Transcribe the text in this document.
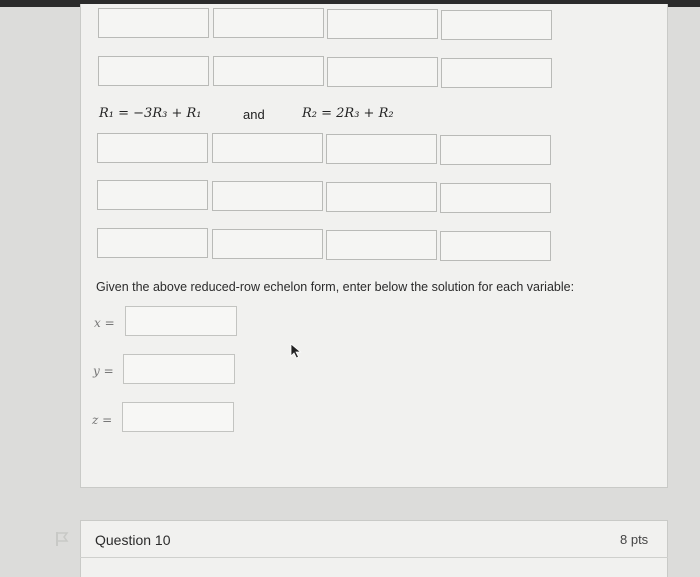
R₁ = −3R₃ + R₁	and	R₂ = 2R₃ + R₂
Given the above reduced-row echelon form, enter below the solution for each variable:
x =
y =
z =
Question 10	8 pts
